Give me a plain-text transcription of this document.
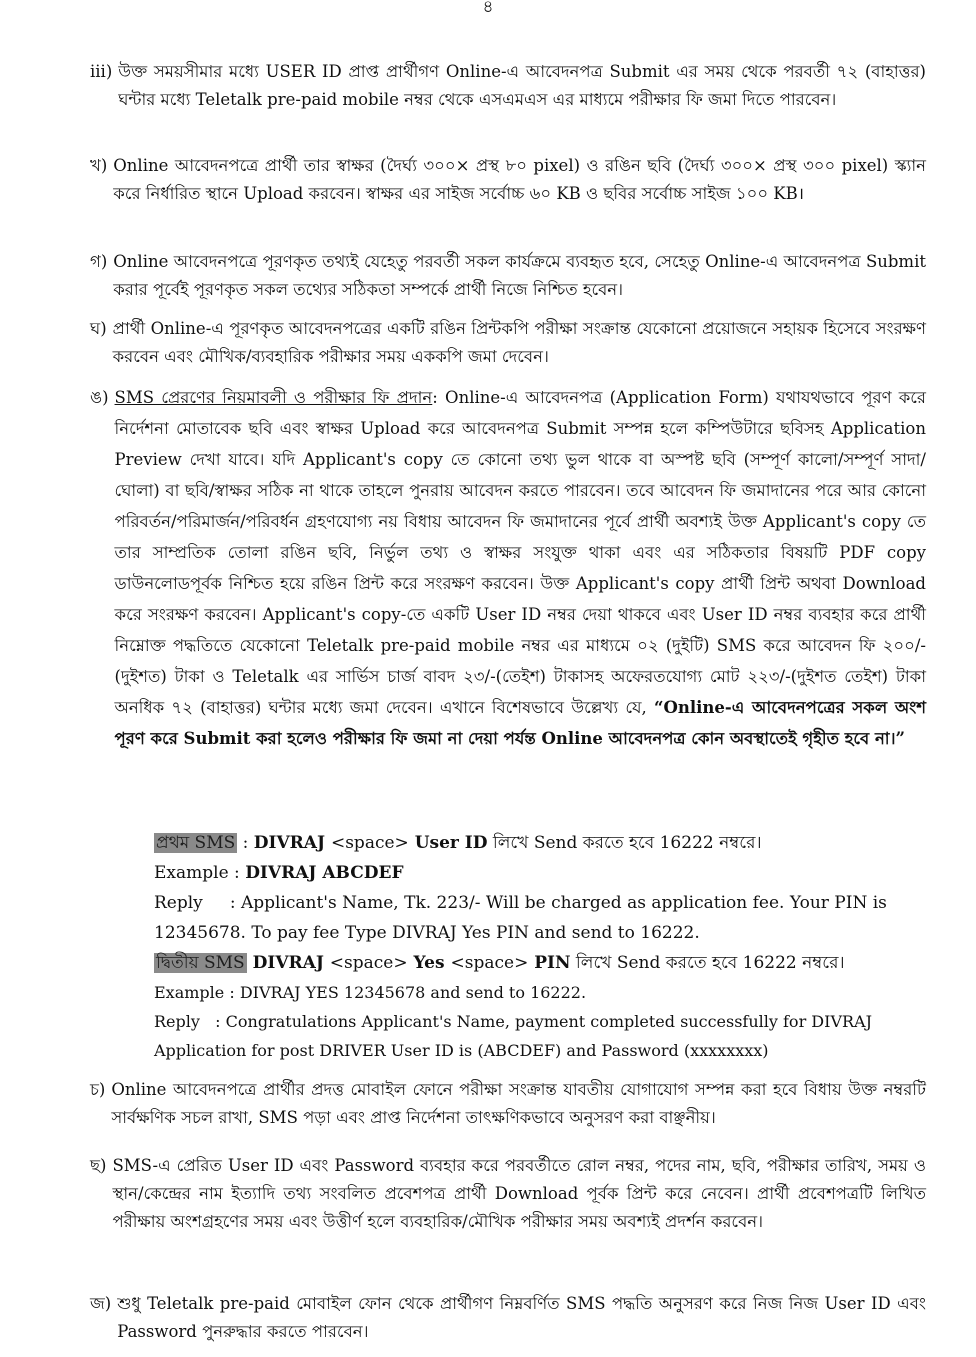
৪
iii) উক্ত সময়সীমার মধ্যে USER ID প্রাপ্ত প্রার্থীগণ Online-এ আবেদনপত্র Submit এর সময় থেকে পরবর্তী ৭২ (বাহাত্তর) ঘন্টার মধ্যে Teletalk pre-paid mobile নম্বর থেকে এসএমএস এর মাধ্যমে পরীক্ষার ফি জমা দিতে পারবেন।
খ) Online আবেদনপত্রে প্রার্থী তার স্বাক্ষর (দৈর্ঘ্য ৩০০× প্রস্থ ৮০ pixel) ও রঙিন ছবি (দৈর্ঘ্য ৩০০× প্রস্থ ৩০০ pixel) স্ক্যান করে নির্ধারিত স্থানে Upload করবেন। স্বাক্ষর এর সাইজ সর্বোচ্চ ৬০ KB ও ছবির সর্বোচ্চ সাইজ ১০০ KB।
গ) Online আবেদনপত্রে পূরণকৃত তথ্যই যেহেতু পরবর্তী সকল কার্যক্রমে ব্যবহৃত হবে, সেহেতু Online-এ আবেদনপত্র Submit করার পূর্বেই পূরণকৃত সকল তথ্যের সঠিকতা সম্পর্কে প্রার্থী নিজে নিশ্চিত হবেন।
ঘ) প্রার্থী Online-এ পূরণকৃত আবেদনপত্রের একটি রঙিন প্রিন্টকপি পরীক্ষা সংক্রান্ত যেকোনো প্রয়োজনে সহায়ক হিসেবে সংরক্ষণ করবেন এবং মৌখিক/ব্যবহারিক পরীক্ষার সময় এককপি জমা দেবেন।
ঙ) SMS প্রেরণের নিয়মাবলী ও পরীক্ষার ফি প্রদান: Online-এ আবেদনপত্র (Application Form) যথাযথভাবে পূরণ করে নির্দেশনা মোতাবেক ছবি এবং স্বাক্ষর Upload করে আবেদনপত্র Submit সম্পন্ন হলে কম্পিউটারে ছবিসহ Application Preview দেখা যাবে। যদি Applicant's copy তে কোনো তথ্য ভুল থাকে বা অস্পষ্ট ছবি (সম্পূর্ণ কালো/সম্পূর্ণ সাদা/ঘোলা) বা ছবি/স্বাক্ষর সঠিক না থাকে তাহলে পুনরায় আবেদন করতে পারবেন। তবে আবেদন ফি জমাদানের পরে আর কোনো পরিবর্তন/পরিমার্জন/পরিবর্ধন গ্রহণযোগ্য নয় বিধায় আবেদন ফি জমাদানের পূর্বে প্রার্থী অবশ্যই উক্ত Applicant's copy তে তার সাম্প্রতিক তোলা রঙিন ছবি, নির্ভুল তথ্য ও স্বাক্ষর সংযুক্ত থাকা এবং এর সঠিকতার বিষয়টি PDF copy ডাউনলোডপূর্বক নিশ্চিত হয়ে রঙিন প্রিন্ট করে সংরক্ষণ করবেন। উক্ত Applicant's copy প্রার্থী প্রিন্ট অথবা Download করে সংরক্ষণ করবেন। Applicant's copy-তে একটি User ID নম্বর দেয়া থাকবে এবং User ID নম্বর ব্যবহার করে প্রার্থী নিম্নোক্ত পদ্ধতিতে যেকোনো Teletalk pre-paid mobile নম্বর এর মাধ্যমে ০২ (দুইটি) SMS করে আবেদন ফি ২০০/-(দুইশত) টাকা ও Teletalk এর সার্ভিস চার্জ বাবদ ২৩/-(তেইশ) টাকাসহ অফেরতযোগ্য মোট ২২৩/-(দুইশত তেইশ) টাকা অনধিক ৭২ (বাহাত্তর) ঘন্টার মধ্যে জমা দেবেন। এখানে বিশেষভাবে উল্লেখ্য যে, “Online-এ আবেদনপত্রের সকল অংশ পূরণ করে Submit করা হলেও পরীক্ষার ফি জমা না দেয়া পর্যন্ত Online আবেদনপত্র কোন অবস্থাতেই গৃহীত হবে না।”
প্রথম SMS : DIVRAJ <space> User ID লিখে Send করতে হবে 16222 নম্বরে।
Example : DIVRAJ ABCDEF
Reply : Applicant's Name, Tk. 223/- Will be charged as application fee. Your PIN is 12345678. To pay fee Type DIVRAJ Yes PIN and send to 16222.
দ্বিতীয় SMS DIVRAJ <space> Yes <space> PIN লিখে Send করতে হবে 16222 নম্বরে।
Example : DIVRAJ YES 12345678 and send to 16222.
Reply   : Congratulations Applicant's Name, payment completed successfully for DIVRAJ Application for post DRIVER User ID is (ABCDEF) and Password (xxxxxxxx)
চ) Online আবেদনপত্রে প্রার্থীর প্রদত্ত মোবাইল ফোনে পরীক্ষা সংক্রান্ত যাবতীয় যোগাযোগ সম্পন্ন করা হবে বিধায় উক্ত নম্বরটি সার্বক্ষণিক সচল রাখা, SMS পড়া এবং প্রাপ্ত নির্দেশনা তাৎক্ষণিকভাবে অনুসরণ করা বাঞ্ছনীয়।
ছ) SMS-এ প্রেরিত User ID এবং Password ব্যবহার করে পরবর্তীতে রোল নম্বর, পদের নাম, ছবি, পরীক্ষার তারিখ, সময় ও স্থান/কেন্দ্রের নাম ইত্যাদি তথ্য সংবলিত প্রবেশপত্র প্রার্থী Download পূর্বক প্রিন্ট করে নেবেন। প্রার্থী প্রবেশপত্রটি লিখিত পরীক্ষায় অংশগ্রহণের সময় এবং উত্তীর্ণ হলে ব্যবহারিক/মৌখিক পরীক্ষার সময় অবশ্যই প্রদর্শন করবেন।
জ) শুধু Teletalk pre-paid মোবাইল ফোন থেকে প্রার্থীগণ নিম্নবর্ণিত SMS পদ্ধতি অনুসরণ করে নিজ নিজ User ID এবং Password পুনরুদ্ধার করতে পারবেন।
